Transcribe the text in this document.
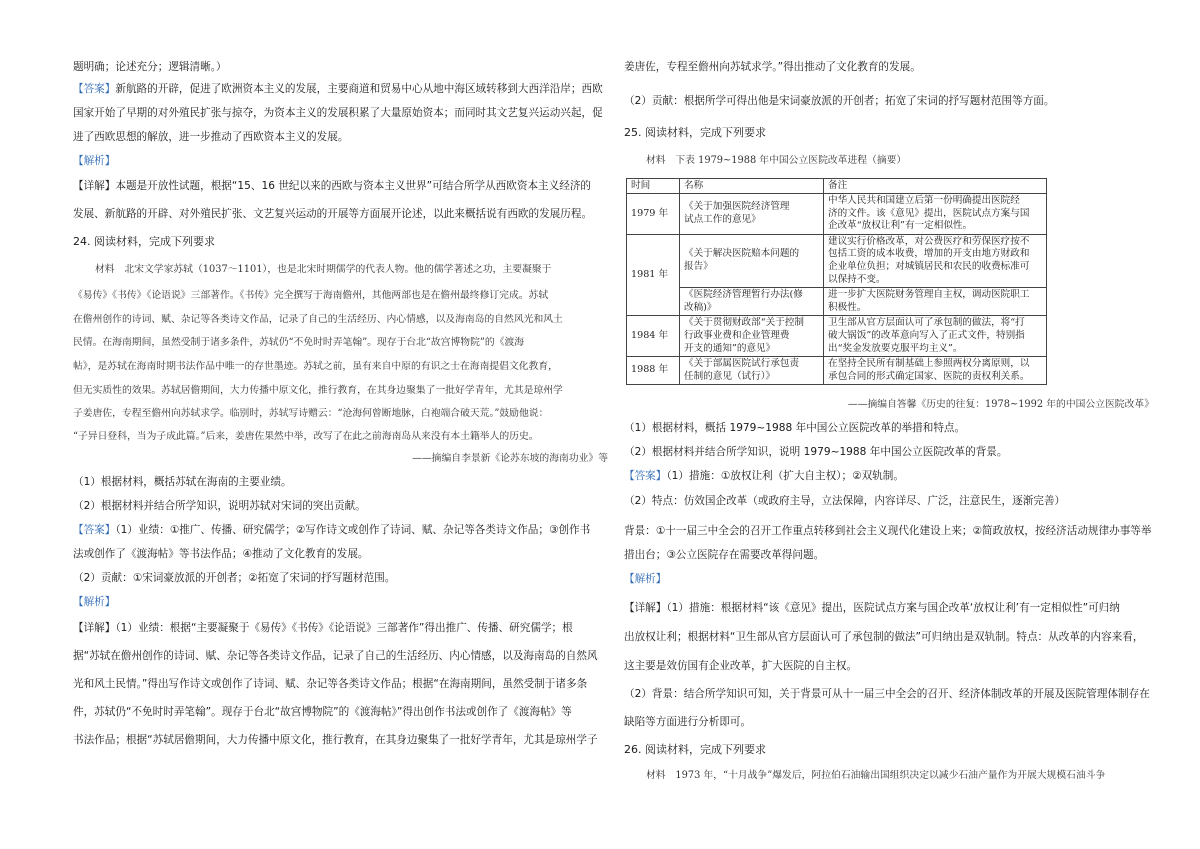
题明确；论述充分；逻辑清晰。）
【答案】新航路的开辟，促进了欧洲资本主义的发展，主要商道和贸易中心从地中海区域转移到大西洋沿岸；西欧
国家开始了早期的对外殖民扩张与掠夺，为资本主义的发展积累了大量原始资本；而同时其文艺复兴运动兴起，促
进了西欧思想的解放，进一步推动了西欧资本主义的发展。
【解析】
【详解】本题是开放性试题，根据“15、16 世纪以来的西欧与资本主义世界”可结合所学从西欧资本主义经济的
发展、新航路的开辟、对外殖民扩张、文艺复兴运动的开展等方面展开论述，以此来概括说有西欧的发展历程。
24. 阅读材料，完成下列要求
材料　北宋文学家苏轼（1037～1101），也是北宋时期儒学的代表人物。他的儒学著述之功，主要凝聚于
《易传》《书传》《论语说》三部著作。《书传》完全撰写于海南儋州，其他两部也是在儋州最终修订完成。苏轼
在儋州创作的诗词、赋、杂记等各类诗文作品，记录了自己的生活经历、内心情感，以及海南岛的自然风光和风土
民情。在海南期间，虽然受制于诸多条件，苏轼仍“不免时时弄笔翰”。现存于台北“故宫博物院”的《渡海
帖》，是苏轼在海南时期书法作品中唯一的存世墨迹。苏轼之前，虽有来自中原的有识之士在海南提倡文化教育，
但无实质性的效果。苏轼居儋期间，大力传播中原文化，推行教育，在其身边聚集了一批好学青年，尤其是琼州学
子姜唐佐，专程至儋州向苏轼求学。临别时，苏轼写诗赠云：“沧海何曾断地脉，白袍端合破天荒。”鼓励他说：
“子异日登科，当为子成此篇。”后来，姜唐佐果然中举，改写了在此之前海南岛从来没有本土籍举人的历史。
——摘编自李景新《论苏东坡的海南功业》等
（1）根据材料，概括苏轼在海南的主要业绩。
（2）根据材料并结合所学知识，说明苏轼对宋词的突出贡献。
【答案】（1）业绩：①推广、传播、研究儒学；②写作诗文或创作了诗词、赋、杂记等各类诗文作品；③创作书
法或创作了《渡海帖》等书法作品；④推动了文化教育的发展。
（2）贡献：①宋词豪放派的开创者；②拓宽了宋词的抒写题材范围。
【解析】
【详解】（1）业绩：根据“主要凝聚于《易传》《书传》《论语说》三部著作”得出推广、传播、研究儒学；根
据“苏轼在儋州创作的诗词、赋、杂记等各类诗文作品，记录了自己的生活经历、内心情感，以及海南岛的自然风
光和风土民情。”得出写作诗文或创作了诗词、赋、杂记等各类诗文作品；根据“在海南期间，虽然受制于诸多条
件，苏轼仍“不免时时弄笔翰”。现存于台北“故宫博物院”的《渡海帖》”得出创作书法或创作了《渡海帖》等
书法作品；根据“苏轼居儋期间，大力传播中原文化，推行教育，在其身边聚集了一批好学青年，尤其是琼州学子
姜唐佐，专程至儋州向苏轼求学。”得出推动了文化教育的发展。
（2）贡献：根据所学可得出他是宋词豪放派的开创者；拓宽了宋词的抒写题材范围等方面。
25. 阅读材料，完成下列要求
材料　下表 1979~1988 年中国公立医院改革进程（摘要）
时间	名称	备注
1979 年	《关于加强医院经济管理
试点工作的意见》	中华人民共和国建立后第一份明确提出医院经
济的文件。该《意见》提出，医院试点方案与国
企改革“放权让利”有一定相似性。

1981 年	《关于解决医院赔本问题的
报告》	建议实行价格改革，对公费医疗和劳保医疗按不
包括工资的成本收费，增加的开支由地方财政和
企业单位负担；对城镇居民和农民的收费标准可
以保持不变。

	《医院经济管理暂行办法(修
改稿)》	进一步扩大医院财务管理自主权，调动医院职工
积极性。

1984 年	《关于贯彻财政部“关于控制
行政事业费和企业管理费
开支的通知”的意见》	卫生部从官方层面认可了承包制的做法，将“打
破大锅饭”的改革意向写入了正式文件，特别指
出“奖金发放要克服平均主义”。

1988 年	《关于部属医院试行承包责
任制的意见（试行）》	在坚持全民所有制基础上参照两权分离原则，以
承包合同的形式确定国家、医院的责权利关系。
——摘编自答馨《历史的往复：1978~1992 年的中国公立医院改革》
（1）根据材料，概括 1979~1988 年中国公立医院改革的举措和特点。
（2）根据材料并结合所学知识，说明 1979~1988 年中国公立医院改革的背景。
【答案】（1）措施：①放权让利（扩大自主权）；②双轨制。
（2）特点：仿效国企改革（或政府主导，立法保障，内容详尽、广泛，注意民生，逐渐完善）
背景：①十一届三中全会的召开工作重点转移到社会主义现代化建设上来；②简政放权，按经济活动规律办事等举
措出台；③公立医院存在需要改革得问题。
【解析】
【详解】（1）措施：根据材料“该《意见》提出，医院试点方案与国企改革‘放权让利’有一定相似性”可归纳
出放权让利；根据材料“卫生部从官方层面认可了承包制的做法”可归纳出是双轨制。特点：从改革的内容来看，
这主要是效仿国有企业改革，扩大医院的自主权。
（2）背景：结合所学知识可知，关于背景可从十一届三中全会的召开、经济体制改革的开展及医院管理体制存在
缺陷等方面进行分析即可。
26. 阅读材料，完成下列要求
材料　1973 年，“十月战争”爆发后，阿拉伯石油输出国组织决定以减少石油产量作为开展大规模石油斗争
